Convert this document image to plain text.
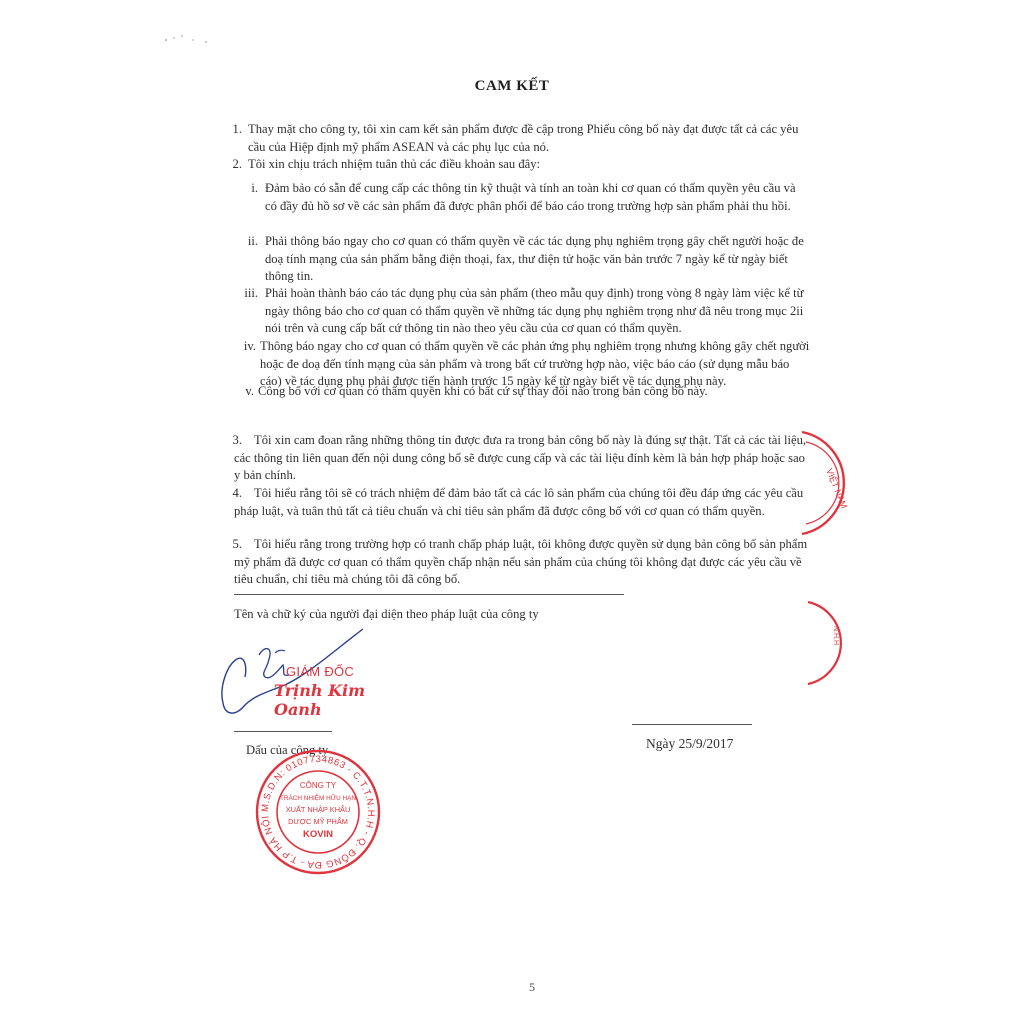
CAM KẾT
1. Thay mặt cho công ty, tôi xin cam kết sản phẩm được đề cập trong Phiếu công bố này đạt được tất cả các yêu cầu của Hiệp định mỹ phẩm ASEAN và các phụ lục của nó.
2. Tôi xin chịu trách nhiệm tuân thủ các điều khoản sau đây:
i. Đảm bảo có sẵn để cung cấp các thông tin kỹ thuật và tính an toàn khi cơ quan có thẩm quyền yêu cầu và có đầy đủ hồ sơ về các sản phẩm đã được phân phối để báo cáo trong trường hợp sản phẩm phải thu hồi.
ii. Phải thông báo ngay cho cơ quan có thẩm quyền về các tác dụng phụ nghiêm trọng gây chết người hoặc đe doạ tính mạng của sản phẩm bằng điện thoại, fax, thư điện tử hoặc văn bản trước 7 ngày kể từ ngày biết thông tin.
iii. Phải hoàn thành báo cáo tác dụng phụ của sản phẩm (theo mẫu quy định) trong vòng 8 ngày làm việc kể từ ngày thông báo cho cơ quan có thẩm quyền về những tác dụng phụ nghiêm trọng như đã nêu trong mục 2ii nói trên và cung cấp bất cứ thông tin nào theo yêu cầu của cơ quan có thẩm quyền.
iv. Thông báo ngay cho cơ quan có thẩm quyền về các phản ứng phụ nghiêm trọng nhưng không gây chết người hoặc đe doạ đến tính mạng của sản phẩm và trong bất cứ trường hợp nào, việc báo cáo (sử dụng mẫu báo cáo) về tác dụng phụ phải được tiến hành trước 15 ngày kể từ ngày biết về tác dụng phụ này.
v. Công bố với cơ quan có thẩm quyền khi có bất cứ sự thay đổi nào trong bản công bố này.
3. Tôi xin cam đoan rằng những thông tin được đưa ra trong bản công bố này là đúng sự thật. Tất cả các tài liệu, các thông tin liên quan đến nội dung công bố sẽ được cung cấp và các tài liệu đính kèm là bản hợp pháp hoặc sao y bản chính.
4. Tôi hiểu rằng tôi sẽ có trách nhiệm để đảm bảo tất cả các lô sản phẩm của chúng tôi đều đáp ứng các yêu cầu pháp luật, và tuân thủ tất cả tiêu chuẩn và chỉ tiêu sản phẩm đã được công bố với cơ quan có thẩm quyền.
5. Tôi hiểu rằng trong trường hợp có tranh chấp pháp luật, tôi không được quyền sử dụng bản công bố sản phẩm mỹ phẩm đã được cơ quan có thẩm quyền chấp nhận nếu sản phẩm của chúng tôi không đạt được các yêu cầu về tiêu chuẩn, chỉ tiêu mà chúng tôi đã công bố.
Tên và chữ ký của người đại diện theo pháp luật của công ty
GIÁM ĐỐC
Trịnh Kim Oanh
Dấu của công ty	Ngày 25/9/2017
M.S.D.N: 0107734863 - C.T.T.N.H.H - Q. ĐỐNG ĐA - T.P HÀ NỘI
CÔNG TY
TRÁCH NHIỆM HỮU HẠN
XUẤT NHẬP KHẨU
DƯỢC MỸ PHẨM
KOVIN
VIỆT NAM
N.H.H
5
